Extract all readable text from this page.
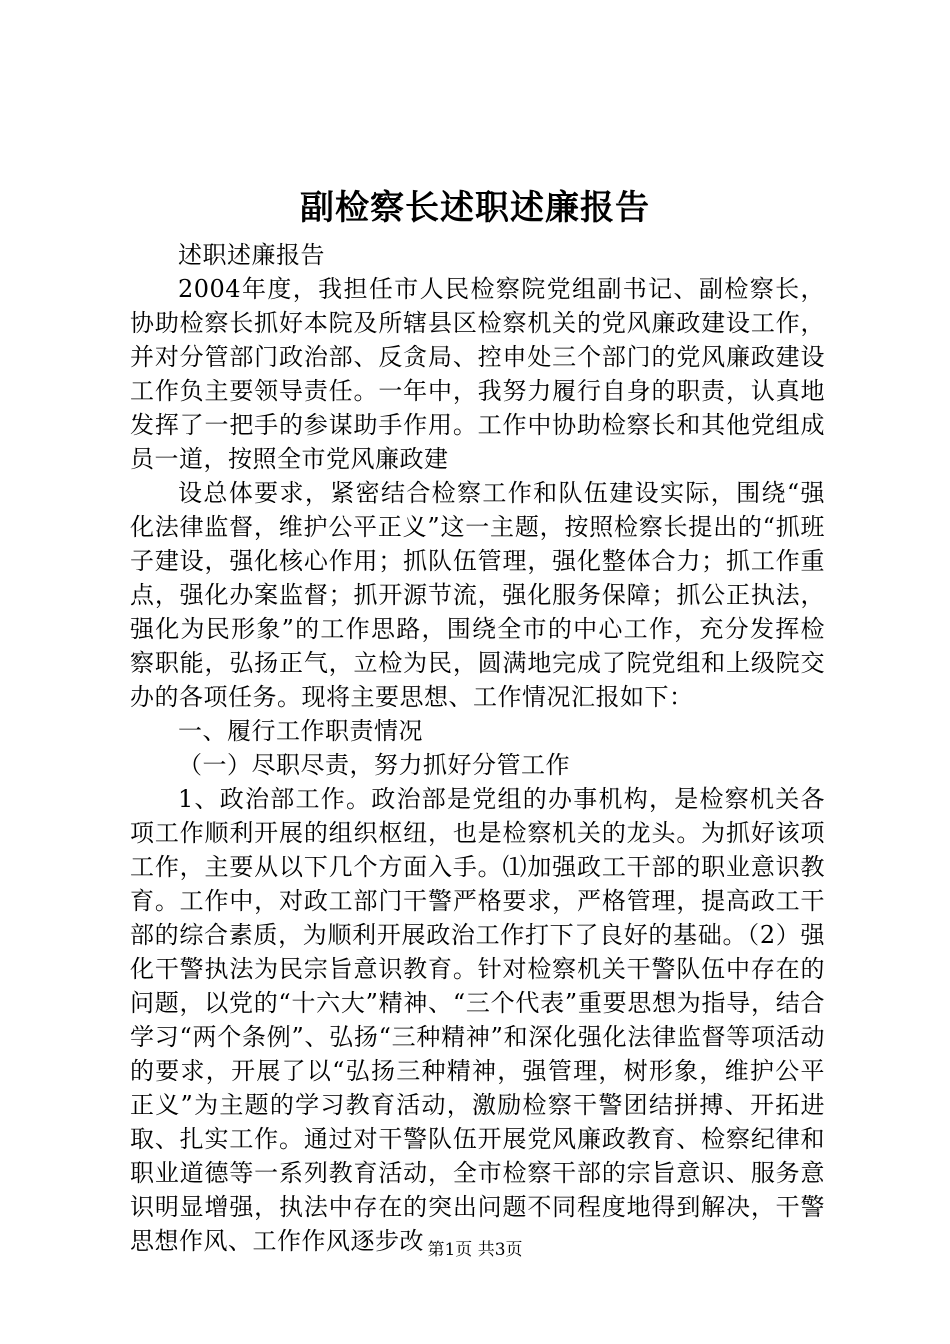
副检察长述职述廉报告

述职述廉报告

2004年度，我担任市人民检察院党组副书记、副检察长，协助检察长抓好本院及所辖县区检察机关的党风廉政建设工作，并对分管部门政治部、反贪局、控申处三个部门的党风廉政建设工作负主要领导责任。一年中，我努力履行自身的职责，认真地发挥了一把手的参谋助手作用。工作中协助检察长和其他党组成员一道，按照全市党风廉政建

设总体要求，紧密结合检察工作和队伍建设实际，围绕“强化法律监督，维护公平正义”这一主题，按照检察长提出的“抓班子建设，强化核心作用；抓队伍管理，强化整体合力；抓工作重点，强化办案监督；抓开源节流，强化服务保障；抓公正执法，强化为民形象”的工作思路，围绕全市的中心工作，充分发挥检察职能，弘扬正气，立检为民，圆满地完成了院党组和上级院交办的各项任务。现将主要思想、工作情况汇报如下：

一、履行工作职责情况

（一）尽职尽责，努力抓好分管工作

1、政治部工作。政治部是党组的办事机构，是检察机关各项工作顺利开展的组织枢纽，也是检察机关的龙头。为抓好该项工作，主要从以下几个方面入手。⑴加强政工干部的职业意识教育。工作中，对政工部门干警严格要求，严格管理，提高政工干部的综合素质，为顺利开展政治工作打下了良好的基础。（2）强化干警执法为民宗旨意识教育。针对检察机关干警队伍中存在的问题，以党的“十六大”精神、“三个代表”重要思想为指导，结合学习“两个条例”、弘扬“三种精神”和深化强化法律监督等项活动的要求，开展了以“弘扬三种精神，强管理，树形象，维护公平正义”为主题的学习教育活动，激励检察干警团结拼搏、开拓进取、扎实工作。通过对干警队伍开展党风廉政教育、检察纪律和职业道德等一系列教育活动，全市检察干部的宗旨意识、服务意识明显增强，执法中存在的突出问题不同程度地得到解决，干警思想作风、工作作风逐步改 第1页 共3页
